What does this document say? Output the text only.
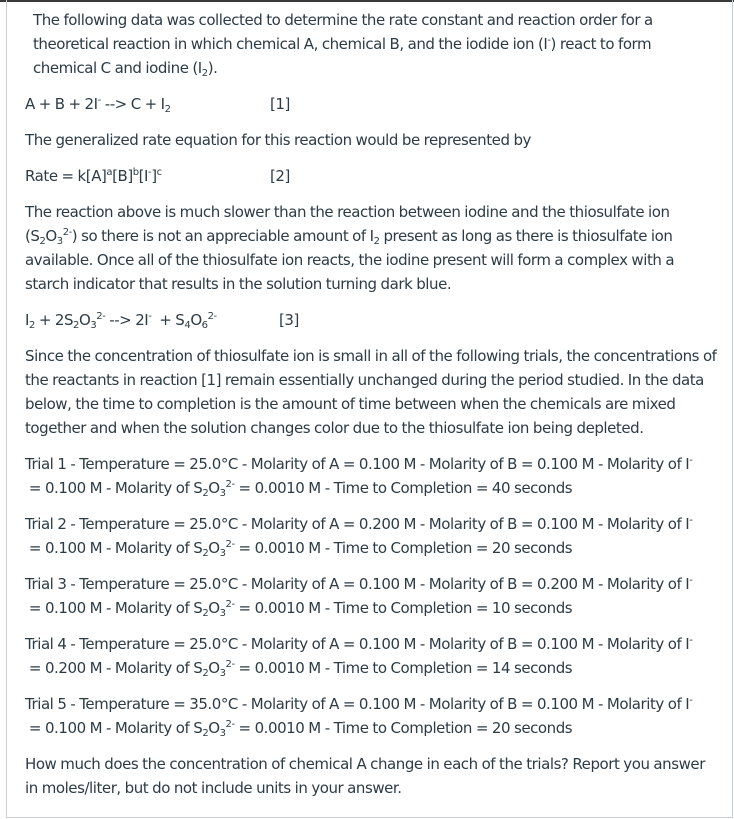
The following data was collected to determine the rate constant and reaction order for a theoretical reaction in which chemical A, chemical B, and the iodide ion (I-) react to form chemical C and iodine $(I_2)$.

A + B + 2I- --> $C + I_2$	[1]

The generalized rate equation for this reaction would be represented by

Rate = $k[A]^a[B]^b[I^-]^c$	[2]

The reaction above is much slower than the reaction between iodine and the thiosulfate ion $(S_2O_3^{2-})$ so there is not an appreciable amount of $I_2$ present as long as there is thiosulfate ion available. Once all of the thiosulfate ion reacts, the iodine present will form a complex with a starch indicator that results in the solution turning dark blue.

$I_2 + 2S_2O_3^{2-}$ --> $2I^- + S_4O_6^{2-}$	[3]

Since the concentration of thiosulfate ion is small in all of the following trials, the concentrations of the reactants in reaction [1] remain essentially unchanged during the period studied. In the data below, the time to completion is the amount of time between when the chemicals are mixed together and when the solution changes color due to the thiosulfate ion being depleted.

Trial 1 - Temperature = 25.0°C - Molarity of A = 0.100 M - Molarity of B = 0.100 M - Molarity of I-
= 0.100 M - Molarity of $S_2O_3^{2-} = 0.0010$ M - Time to Completion = 40 seconds

Trial 2 - Temperature = 25.0°C - Molarity of A = 0.200 M - Molarity of B = 0.100 M - Molarity of I-
= 0.100 M - Molarity of $S_2O_3^{2-} = 0.0010$ M - Time to Completion = 20 seconds

Trial 3 - Temperature = 25.0°C - Molarity of A = 0.100 M - Molarity of B = 0.200 M - Molarity of I-
= 0.100 M - Molarity of $S_2O_3^{2-} = 0.0010$ M - Time to Completion = 10 seconds

Trial 4 - Temperature = 25.0°C - Molarity of A = 0.100 M - Molarity of B = 0.100 M - Molarity of I-
= 0.200 M - Molarity of $S_2O_3^{2-} = 0.0010$ M - Time to Completion = 14 seconds

Trial 5 - Temperature = 35.0°C - Molarity of A = 0.100 M - Molarity of B = 0.100 M - Molarity of I-
= 0.100 M - Molarity of $S_2O_3^{2-} = 0.0010$ M - Time to Completion = 20 seconds

How much does the concentration of chemical A change in each of the trials? Report you answer in moles/liter, but do not include units in your answer.
